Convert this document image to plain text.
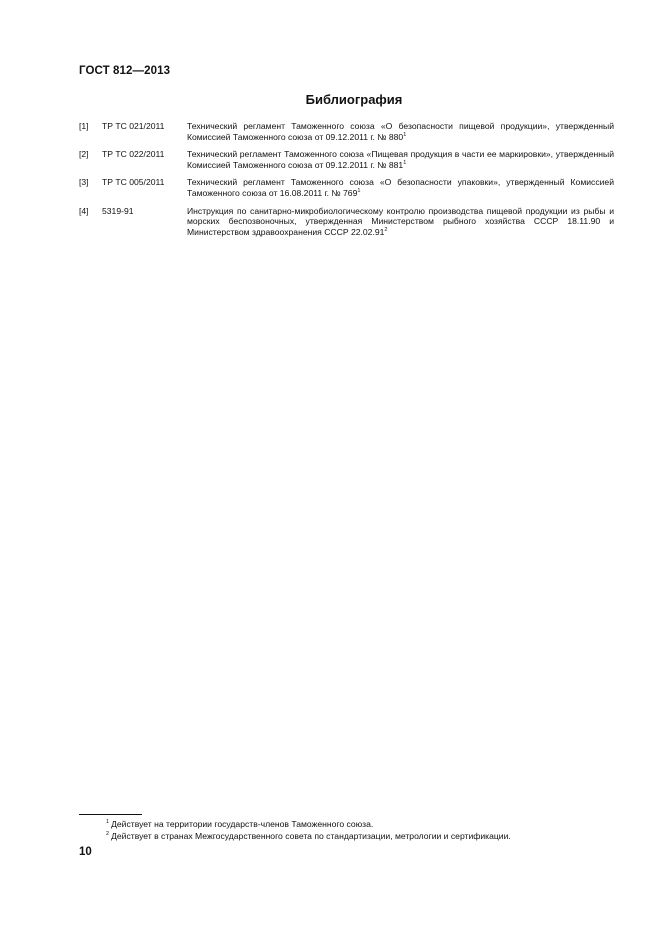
ГОСТ 812—2013
Библиография
[1] ТР ТС 021/2011	Технический регламент Таможенного союза «О безопасности пищевой продукции», утвержденный Комиссией Таможенного союза от 09.12.2011 г. № $880^1$
[2] ТР ТС 022/2011	Технический регламент Таможенного союза «Пищевая продукция в части ее маркировки», утвержденный Комиссией Таможенного союза от 09.12.2011 г. № $881^1$
[3] ТР ТС 005/2011	Технический регламент Таможенного союза «О безопасности упаковки», утвержденный Комиссией Таможенного союза от 16.08.2011 г. № $769^1$
[4] 5319-91	Инструкция по санитарно-микробиологическому контролю производства пищевой продукции из рыбы и морских беспозвоночных, утвержденная Министерством рыбного хозяйства СССР 18.11.90 и Министерством здравоохранения СССР 22.02.91$^2$
$^1$ Действует на территории государств-членов Таможенного союза.
$^2$ Действует в странах Межгосударственного совета по стандартизации, метрологии и сертификации.
10
